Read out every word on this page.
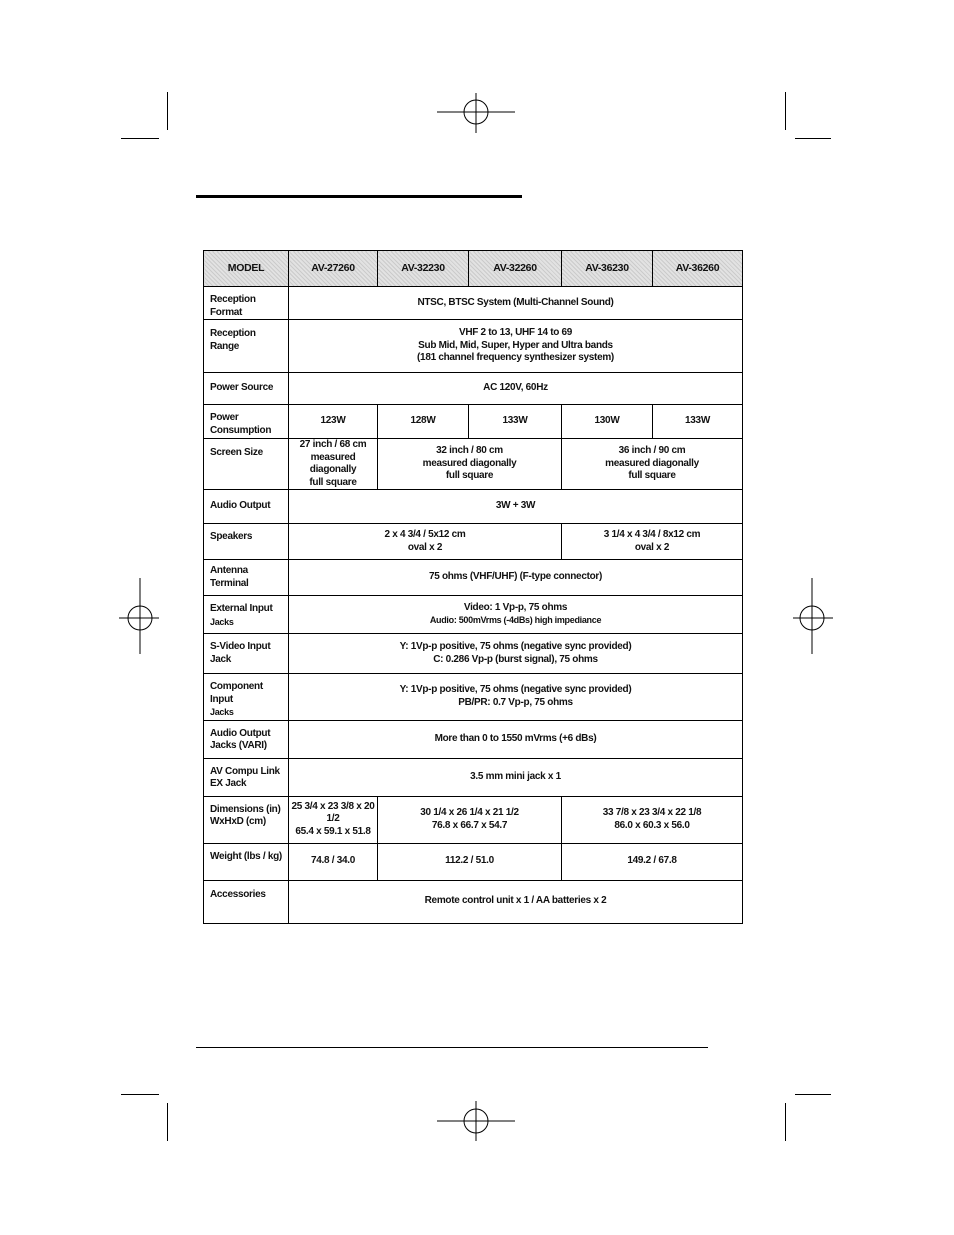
MODEL	AV-27260	AV-32230	AV-32260	AV-36230	AV-36260
Reception Format	NTSC, BTSC System (Multi-Channel Sound)				
Reception Range	VHF 2 to 13, UHF 14 to 69
Sub Mid, Mid, Super, Hyper and Ultra bands
(181 channel frequency synthesizer system)				
Power Source	AC 120V, 60Hz				
Power
Consumption	123W	128W	133W	130W	133W
Screen Size	27 inch / 68 cm
measured diagonally
full square	32 inch / 80 cm
measured diagonally
full square		36 inch / 90 cm
measured diagonally
full square	
Audio Output	3W + 3W				
Speakers	2 x 4 3/4 / 5x12 cm
oval x 2			3 1/4 x 4 3/4 / 8x12 cm
oval x 2	
Antenna Terminal	75 ohms (VHF/UHF) (F-type connector)				
External Input
Jacks	Video: 1 Vp-p, 75 ohms
Audio: 500mVrms (-4dBs) high impediance				
S-Video Input
Jack	Y: 1Vp-p positive, 75 ohms (negative sync provided)
C: 0.286 Vp-p (burst signal), 75 ohms				
Component Input
Jacks	Y: 1Vp-p positive, 75 ohms (negative sync provided)
PB/PR: 0.7 Vp-p, 75 ohms				
Audio Output
Jacks (VARI)	More than 0 to 1550 mVrms (+6 dBs)				
AV Compu Link
EX Jack	3.5 mm mini jack x 1				
Dimensions (in)
WxHxD (cm)	25 3/4 x 23 3/8 x 20 1/2
65.4 x 59.1 x 51.8	30 1/4 x 26 1/4 x 21 1/2
76.8 x 66.7 x 54.7		33 7/8 x 23 3/4 x 22 1/8
86.0 x 60.3 x 56.0	
Weight (lbs / kg)	74.8 / 34.0	112.2 / 51.0		149.2 / 67.8	
Accessories	Remote control unit x 1 / AA batteries x 2				
